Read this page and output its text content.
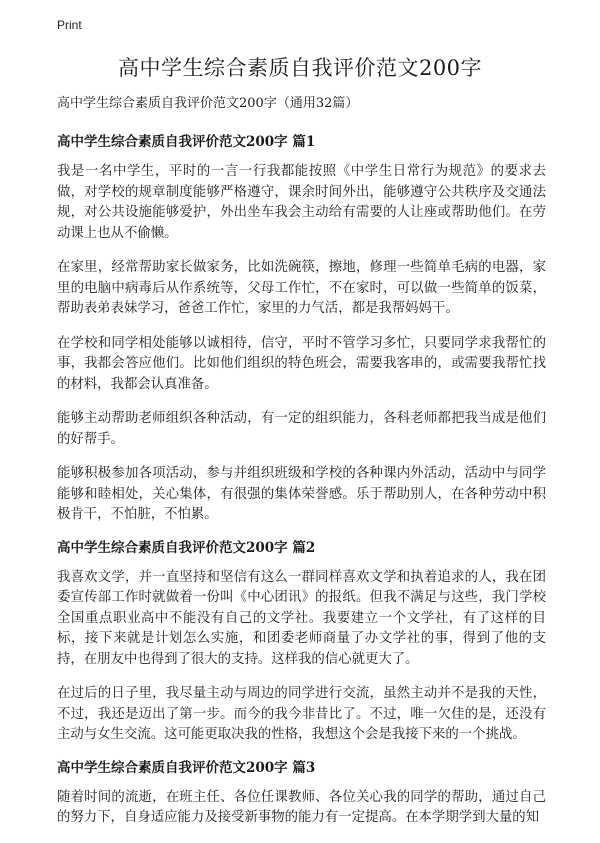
Print
高中学生综合素质自我评价范文200字

高中学生综合素质自我评价范文200字（通用32篇）

高中学生综合素质自我评价范文200字 篇1

我是一名中学生，平时的一言一行我都能按照《中学生日常行为规范》的要求去做，对学校的规章制度能够严格遵守，课余时间外出，能够遵守公共秩序及交通法规，对公共设施能够爱护，外出坐车我会主动给有需要的人让座或帮助他们。在劳动课上也从不偷懒。

在家里，经常帮助家长做家务，比如洗碗筷，擦地，修理一些简单毛病的电器，家里的电脑中病毒后从作系统等，父母工作忙，不在家时，可以做一些简单的饭菜，帮助表弟表妹学习，爸爸工作忙，家里的力气活，都是我帮妈妈干。

在学校和同学相处能够以诚相待，信守，平时不管学习多忙，只要同学求我帮忙的事，我都会答应他们。比如他们组织的特色班会，需要我客串的，或需要我帮忙找的材料，我都会认真准备。

能够主动帮助老师组织各种活动，有一定的组织能力，各科老师都把我当成是他们的好帮手。

能够积极参加各项活动，参与并组织班级和学校的各种课内外活动，活动中与同学能够和睦相处，关心集体，有很强的集体荣誉感。乐于帮助别人，在各种劳动中积极肯干，不怕脏，不怕累。

高中学生综合素质自我评价范文200字 篇2

我喜欢文学，并一直坚持和坚信有这么一群同样喜欢文学和执着追求的人，我在团委宣传部工作时就做着一份叫《中心团讯》的报纸。但我不满足与这些，我门学校全国重点职业高中不能没有自己的文学社。我要建立一个文学社，有了这样的目标，接下来就是计划怎么实施，和团委老师商量了办文学社的事，得到了他的支持，在朋友中也得到了很大的支持。这样我的信心就更大了。

在过后的日子里，我尽量主动与周边的同学进行交流，虽然主动并不是我的天性，不过，我还是迈出了第一步。而今的我今非昔比了。不过，唯一欠佳的是，还没有主动与女生交流。这可能更取决我的性格，我想这个会是我接下来的一个挑战。

高中学生综合素质自我评价范文200字 篇3

随着时间的流逝，在班主任、各位任课教师、各位关心我的同学的帮助，通过自己的努力下，自身适应能力及接受新事物的能力有一定提高。在本学期学到大量的知
